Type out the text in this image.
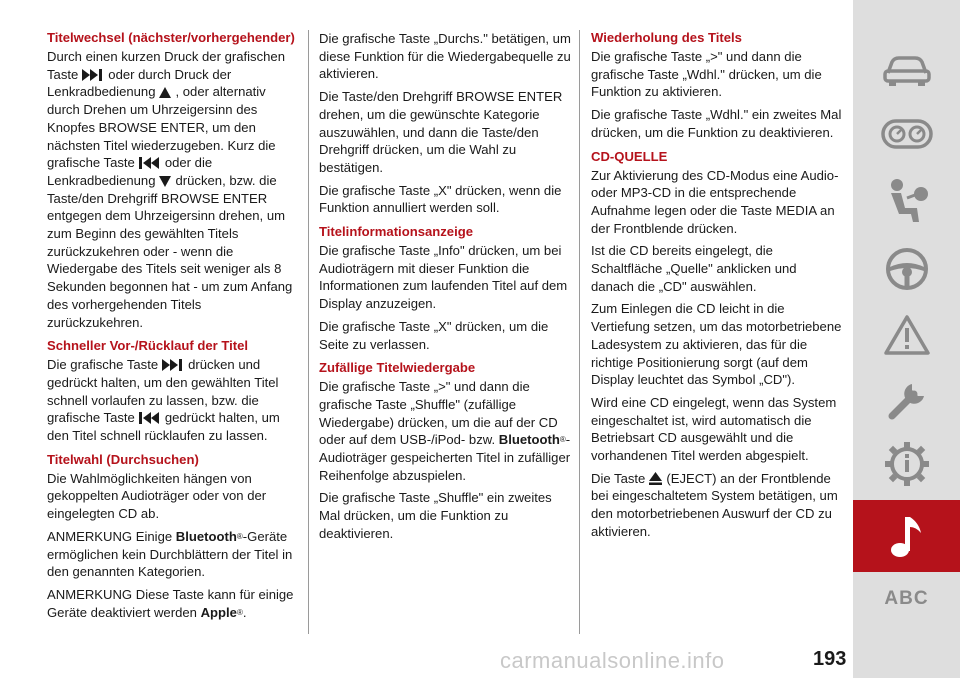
Titelwechsel (nächster/vorhergehender)

Durch einen kurzen Druck der grafischen Taste oder durch Druck der Lenkradbedienung , oder alternativ durch Drehen um Uhrzeigersinn des Knopfes BROWSE ENTER, um den nächsten Titel wiederzugeben. Kurz die grafische Taste oder die Lenkradbedienung drücken, bzw. die Taste/den Drehgriff BROWSE ENTER entgegen dem Uhrzeigersinn drehen, um zum Beginn des gewählten Titels zurückzukehren oder - wenn die Wiedergabe des Titels seit weniger als 8 Sekunden begonnen hat - um zum Anfang des vorhergehenden Titels zurückzukehren.

Schneller Vor-/Rücklauf der Titel

Die grafische Taste drücken und gedrückt halten, um den gewählten Titel schnell vorlaufen zu lassen, bzw. die grafische Taste gedrückt halten, um den Titel schnell rücklaufen zu lassen.

Titelwahl (Durchsuchen)

Die Wahlmöglichkeiten hängen von gekoppelten Audioträger oder von der eingelegten CD ab.

ANMERKUNG Einige Bluetooth®-Geräte ermöglichen kein Durchblättern der Titel in den genannten Kategorien.

ANMERKUNG Diese Taste kann für einige Geräte deaktiviert werden Apple®.

Die grafische Taste „Durchs." betätigen, um diese Funktion für die Wiedergabequelle zu aktivieren.

Die Taste/den Drehgriff BROWSE ENTER drehen, um die gewünschte Kategorie auszuwählen, und dann die Taste/den Drehgriff drücken, um die Wahl zu bestätigen.

Die grafische Taste „X" drücken, wenn die Funktion annulliert werden soll.

Titelinformationsanzeige

Die grafische Taste „Info" drücken, um bei Audioträgern mit dieser Funktion die Informationen zum laufenden Titel auf dem Display anzuzeigen.

Die grafische Taste „X" drücken, um die Seite zu verlassen.

Zufällige Titelwiedergabe

Die grafische Taste „>" und dann die grafische Taste „Shuffle" (zufällige Wiedergabe) drücken, um die auf der CD oder auf dem USB-/iPod- bzw. Bluetooth®-Audioträger gespeicherten Titel in zufälliger Reihenfolge abzuspielen.

Die grafische Taste „Shuffle" ein zweites Mal drücken, um die Funktion zu deaktivieren.

Wiederholung des Titels

Die grafische Taste „>" und dann die grafische Taste „Wdhl." drücken, um die Funktion zu aktivieren.

Die grafische Taste „Wdhl." ein zweites Mal drücken, um die Funktion zu deaktivieren.

CD-QUELLE

Zur Aktivierung des CD-Modus eine Audio- oder MP3-CD in die entsprechende Aufnahme legen oder die Taste MEDIA an der Frontblende drücken.

Ist die CD bereits eingelegt, die Schaltfläche „Quelle" anklicken und danach die „CD" auswählen.

Zum Einlegen die CD leicht in die Vertiefung setzen, um das motorbetriebene Ladesystem zu aktivieren, das für die richtige Positionierung sorgt (auf dem Display leuchtet das Symbol „CD").

Wird eine CD eingelegt, wenn das System eingeschaltet ist, wird automatisch die Betriebsart CD ausgewählt und die vorhandenen Titel werden abgespielt.

Die Taste (EJECT) an der Frontblende bei eingeschaltetem System betätigen, um den motorbetriebenen Auswurf der CD zu aktivieren.

ABC
carmanualsonline.info	193
